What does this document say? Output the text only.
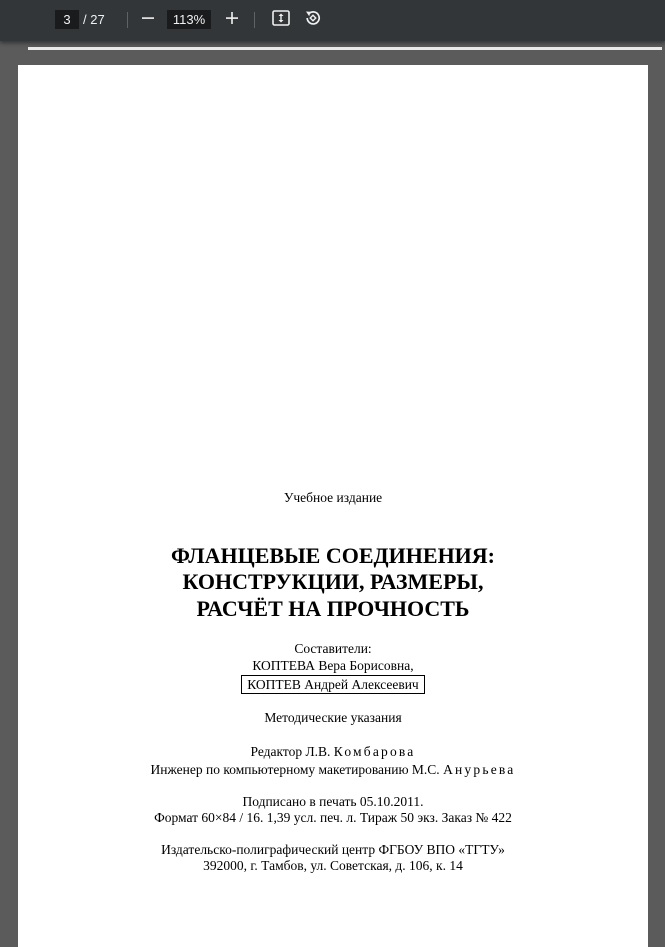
3
/ 27
113%
Учебное издание
ФЛАНЦЕВЫЕ СОЕДИНЕНИЯ:
КОНСТРУКЦИИ, РАЗМЕРЫ,
РАСЧЁТ НА ПРОЧНОСТЬ
Составители:
КОПТЕВА Вера Борисовна,
КОПТЕВ Андрей Алексеевич
Методические указания
Редактор Л.В. Комбарова
Инженер по компьютерному макетированию М.С. Анурьева
Подписано в печать 05.10.2011.
Формат 60×84 / 16. 1,39 усл. печ. л. Тираж 50 экз. Заказ № 422
Издательско-полиграфический центр ФГБОУ ВПО «ТГТУ»
392000, г. Тамбов, ул. Советская, д. 106, к. 14
